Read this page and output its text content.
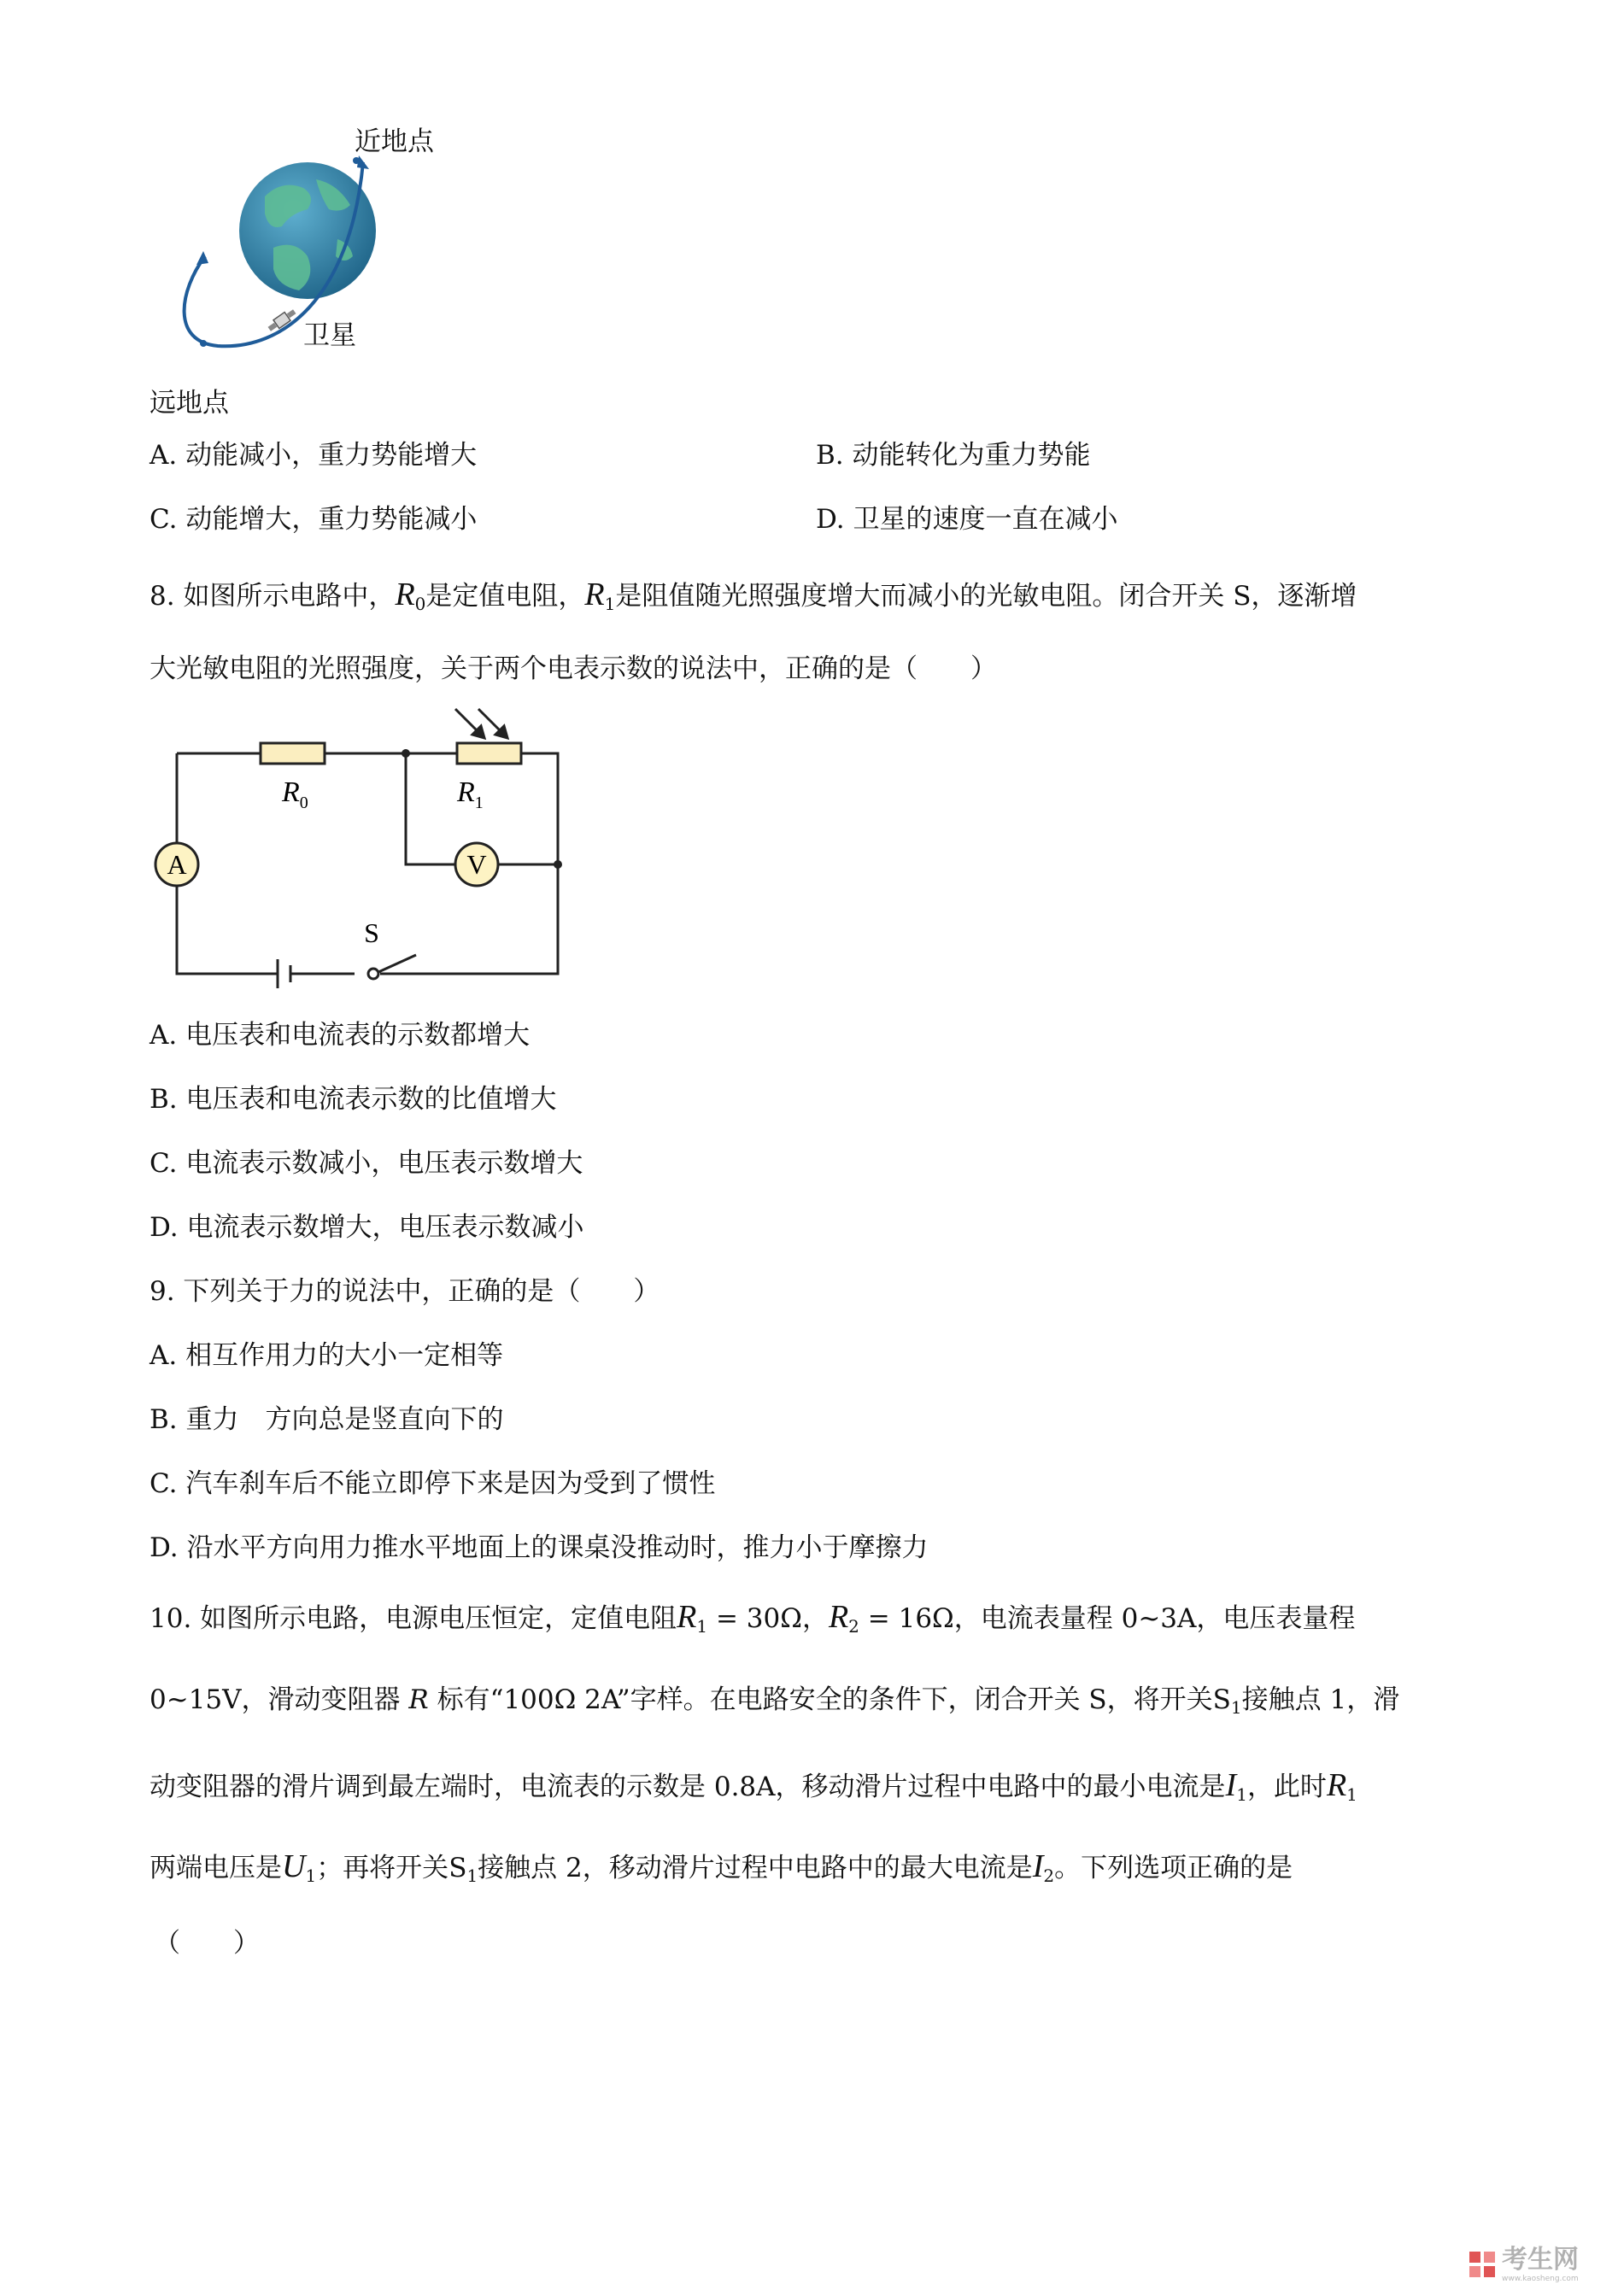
近地点
卫星
远地点
A. 动能减小，重力势能增大	B. 动能转化为重力势能
C. 动能增大，重力势能减小	D. 卫星的速度一直在减小
8. 如图所示电路中，$R_0$是定值电阻，$R_1$是阻值随光照强度增大而减小的光敏电阻。闭合开关 S，逐渐增
大光敏电阻的光照强度，关于两个电表示数的说法中，正确的是（　　）
A	V
S
$R_0$	$R_1$
A. 电压表和电流表的示数都增大
B. 电压表和电流表示数的比值增大
C. 电流表示数减小，电压表示数增大
D. 电流表示数增大，电压表示数减小
9. 下列关于力的说法中，正确的是（　　）
A. 相互作用力的大小一定相等
B. 重力　方向总是竖直向下的
C. 汽车刹车后不能立即停下来是因为受到了惯性
D. 沿水平方向用力推水平地面上的课桌没推动时，推力小于摩擦力
10. 如图所示电路，电源电压恒定，定值电阻$R_1 = 30\Omega$，$R_2 = 16\Omega$，电流表量程 0~3A，电压表量程
0~15V，滑动变阻器 R 标有“100Ω 2A”字样。在电路安全的条件下，闭合开关 S，将开关$S_1$接触点 1，滑
动变阻器的滑片调到最左端时，电流表的示数是 0.8A，移动滑片过程中电路中的最小电流是$I_1$，此时$R_1$
两端电压是$U_1$；再将开关$S_1$接触点 2，移动滑片过程中电路中的最大电流是$I_2$。下列选项正确的是
（　　）
考生网
www.kaosheng.com
